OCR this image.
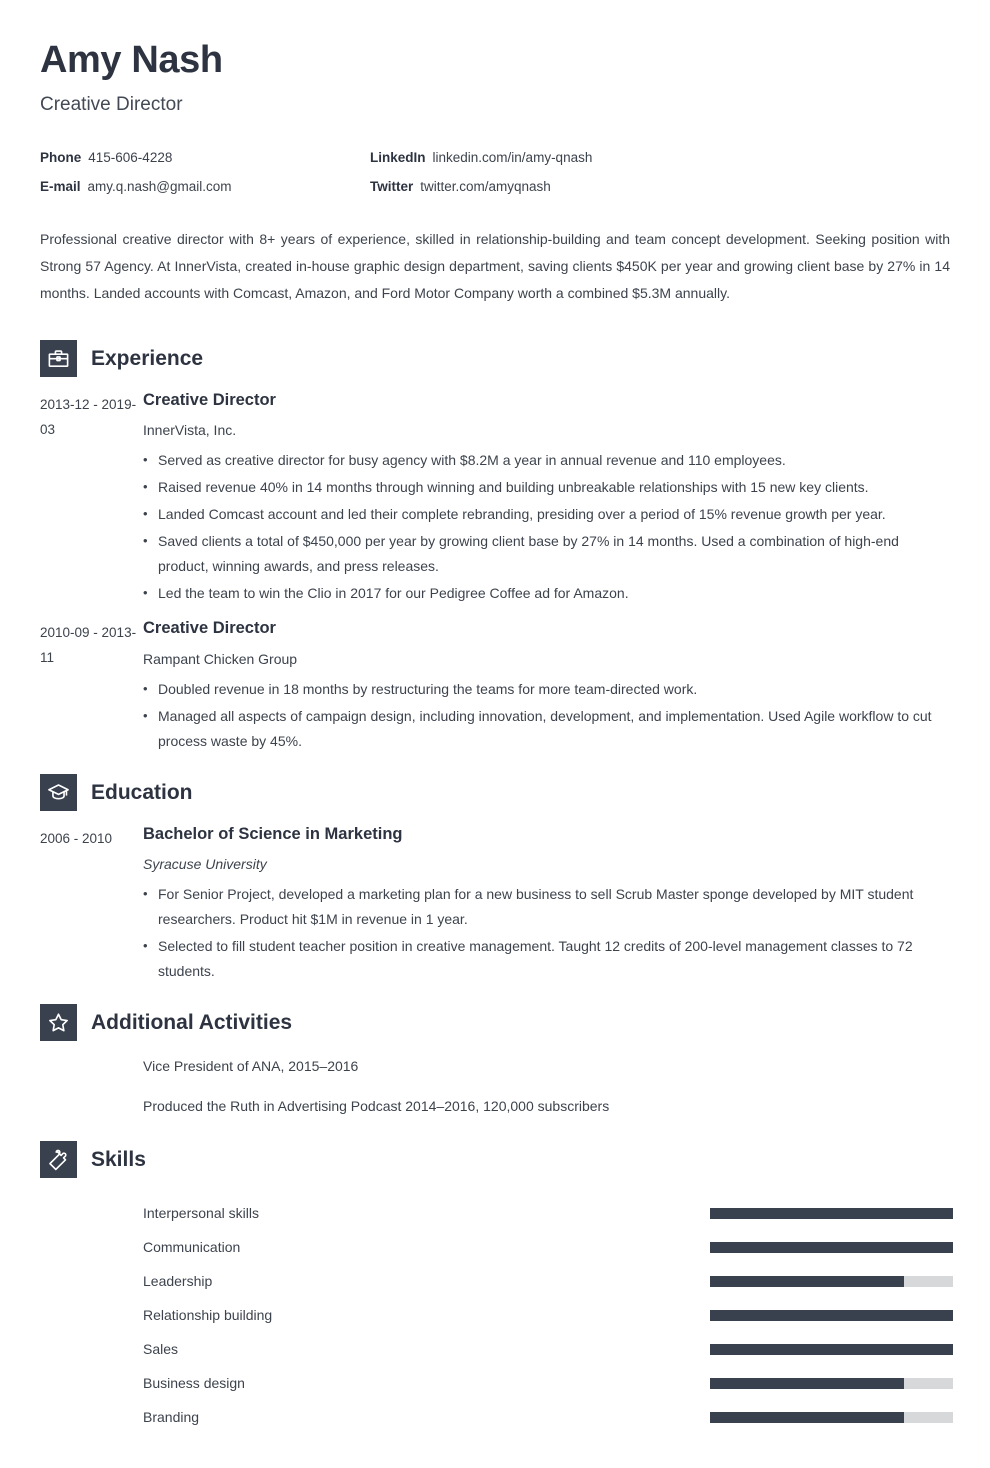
Amy Nash
Creative Director
Phone 415-606-4228	LinkedIn linkedin.com/in/amy-qnash
E-mail amy.q.nash@gmail.com	Twitter twitter.com/amyqnash

Professional creative director with 8+ years of experience, skilled in relationship-building and team concept development. Seeking position with Strong 57 Agency. At InnerVista, created in-house graphic design department, saving clients $450K per year and growing client base by 27% in 14 months. Landed accounts with Comcast, Amazon, and Ford Motor Company worth a combined $5.3M annually.

Experience
2013-12 - 2019-03
Creative Director
InnerVista, Inc.
• Served as creative director for busy agency with $8.2M a year in annual revenue and 110 employees.
• Raised revenue 40% in 14 months through winning and building unbreakable relationships with 15 new key clients.
• Landed Comcast account and led their complete rebranding, presiding over a period of 15% revenue growth per year.
• Saved clients a total of $450,000 per year by growing client base by 27% in 14 months. Used a combination of high-end product, winning awards, and press releases.
• Led the team to win the Clio in 2017 for our Pedigree Coffee ad for Amazon.
2010-09 - 2013-11
Creative Director
Rampant Chicken Group
• Doubled revenue in 18 months by restructuring the teams for more team-directed work.
• Managed all aspects of campaign design, including innovation, development, and implementation. Used Agile workflow to cut process waste by 45%.
Education
2006 - 2010	Bachelor of Science in Marketing
Syracuse University
• For Senior Project, developed a marketing plan for a new business to sell Scrub Master sponge developed by MIT student researchers. Product hit $1M in revenue in 1 year.
• Selected to fill student teacher position in creative management. Taught 12 credits of 200-level management classes to 72 students.
Additional Activities
Vice President of ANA, 2015–2016
Produced the Ruth in Advertising Podcast 2014–2016, 120,000 subscribers
Skills
Interpersonal skills
Communication
Leadership
Relationship building
Sales
Business design
Branding
